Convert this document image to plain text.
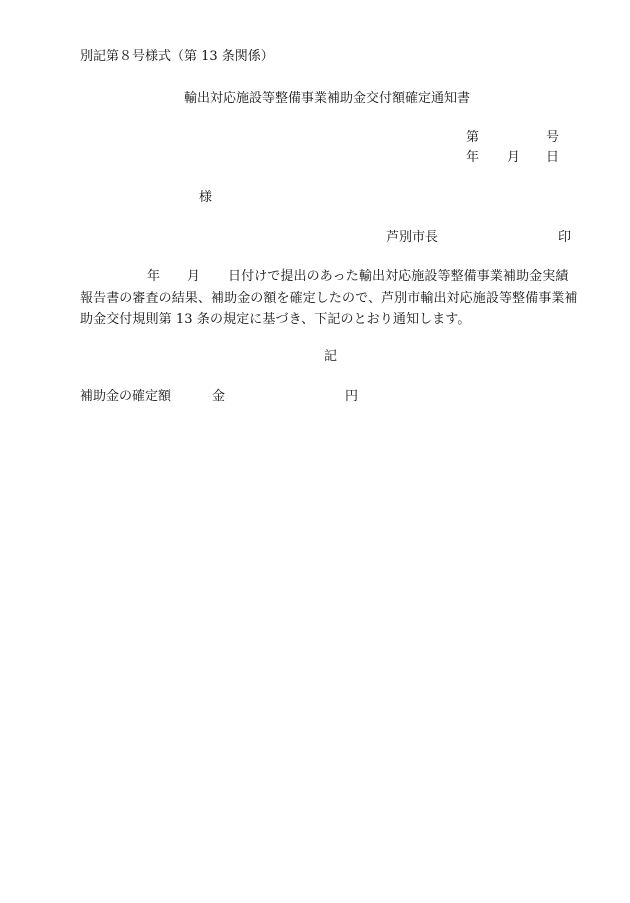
別記第８号様式（第 13 条関係）
輸出対応施設等整備事業補助金交付額確定通知書
第	号
年 月 日
様
芦別市長	印
年 月 日付けで提出のあった輸出対応施設等整備事業補助金実績
報告書の審査の結果、補助金の額を確定したので、芦別市輸出対応施設等整備事業補
助金交付規則第 13 条の規定に基づき、下記のとおり通知します。
記
補助金の確定額	金	円
